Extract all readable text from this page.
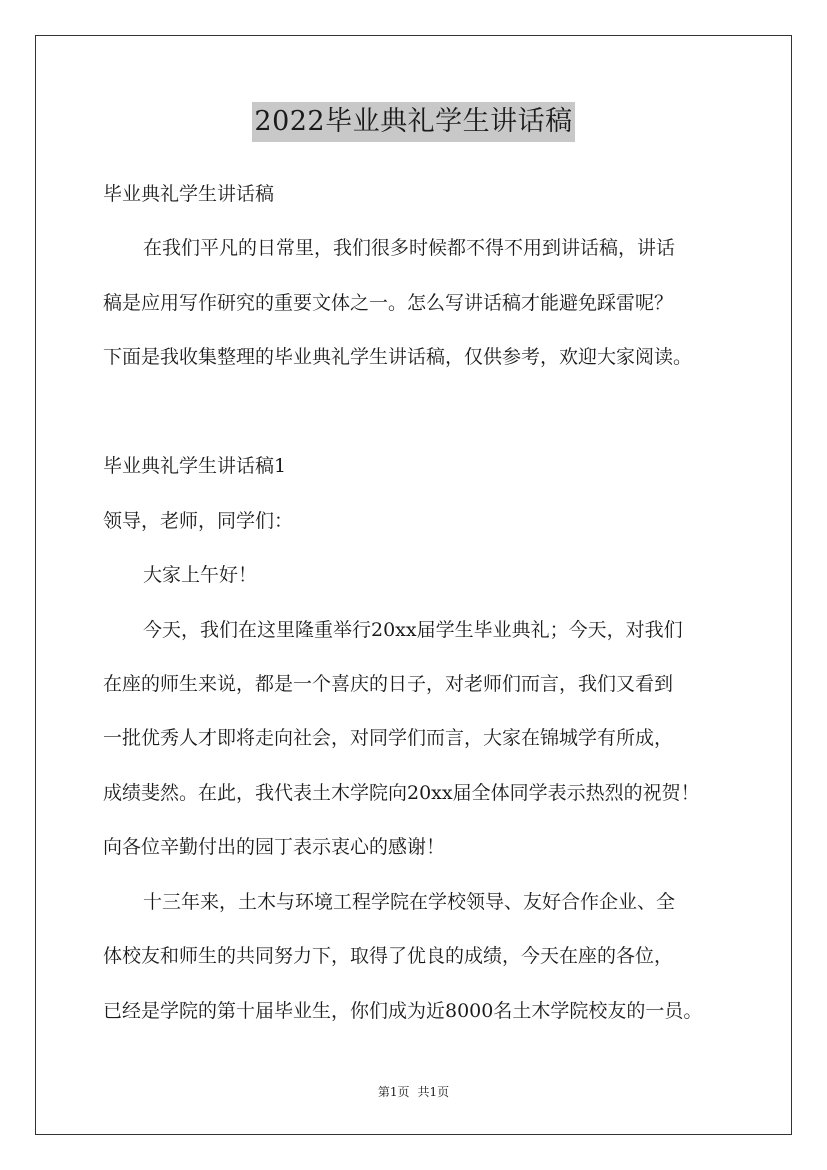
2022毕业典礼学生讲话稿
毕业典礼学生讲话稿
在我们平凡的日常里，我们很多时候都不得不用到讲话稿，讲话
稿是应用写作研究的重要文体之一。怎么写讲话稿才能避免踩雷呢？
下面是我收集整理的毕业典礼学生讲话稿，仅供参考，欢迎大家阅读。
毕业典礼学生讲话稿1
领导，老师，同学们：
大家上午好！
今天，我们在这里隆重举行20xx届学生毕业典礼；今天，对我们
在座的师生来说，都是一个喜庆的日子，对老师们而言，我们又看到
一批优秀人才即将走向社会，对同学们而言，大家在锦城学有所成，
成绩斐然。在此，我代表土木学院向20xx届全体同学表示热烈的祝贺！
向各位辛勤付出的园丁表示衷心的感谢！
十三年来，土木与环境工程学院在学校领导、友好合作企业、全
体校友和师生的共同努力下，取得了优良的成绩，今天在座的各位，
已经是学院的第十届毕业生，你们成为近8000名土木学院校友的一员。
第1页 共1页
